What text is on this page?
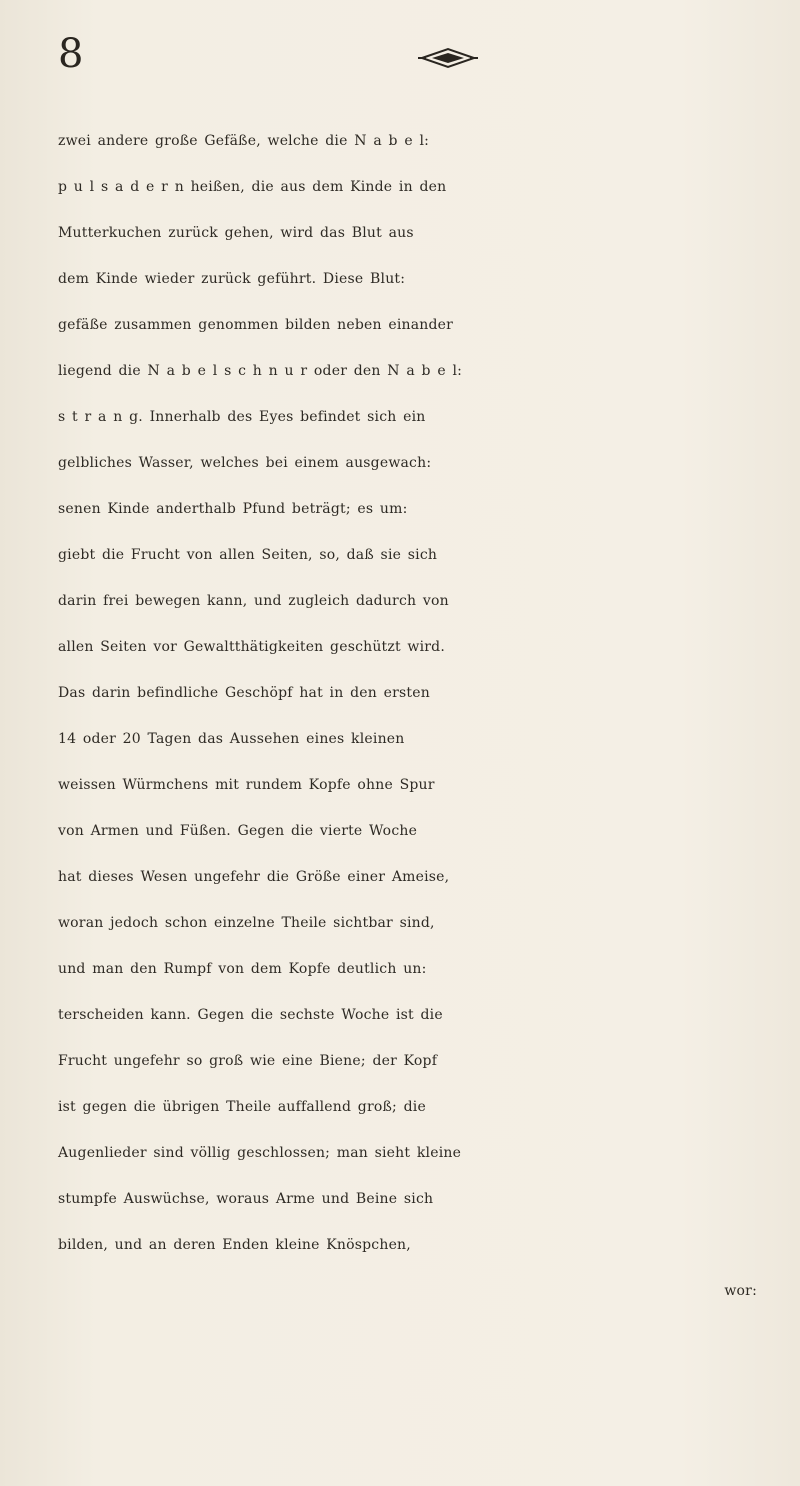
8
zwei andere große Gefäße, welche die N a b e l:
p u l s a d e r n heißen, die aus dem Kinde in den
Mutterkuchen zurück gehen, wird das Blut aus
dem Kinde wieder zurück geführt. Diese Blut:
gefäße zusammen genommen bilden neben einander
liegend die N a b e l s c h n u r oder den N a b e l:
s t r a n g. Innerhalb des Eyes befindet sich ein
gelbliches Wasser, welches bei einem ausgewach:
senen Kinde anderthalb Pfund beträgt; es um:
giebt die Frucht von allen Seiten, so, daß sie sich
darin frei bewegen kann, und zugleich dadurch von
allen Seiten vor Gewaltthätigkeiten geschützt wird.
Das darin befindliche Geschöpf hat in den ersten
14 oder 20 Tagen das Aussehen eines kleinen
weissen Würmchens mit rundem Kopfe ohne Spur
von Armen und Füßen. Gegen die vierte Woche
hat dieses Wesen ungefehr die Größe einer Ameise,
woran jedoch schon einzelne Theile sichtbar sind,
und man den Rumpf von dem Kopfe deutlich un:
terscheiden kann. Gegen die sechste Woche ist die
Frucht ungefehr so groß wie eine Biene; der Kopf
ist gegen die übrigen Theile auffallend groß; die
Augenlieder sind völlig geschlossen; man sieht kleine
stumpfe Auswüchse, woraus Arme und Beine sich
bilden, und an deren Enden kleine Knöspchen,
wor:
